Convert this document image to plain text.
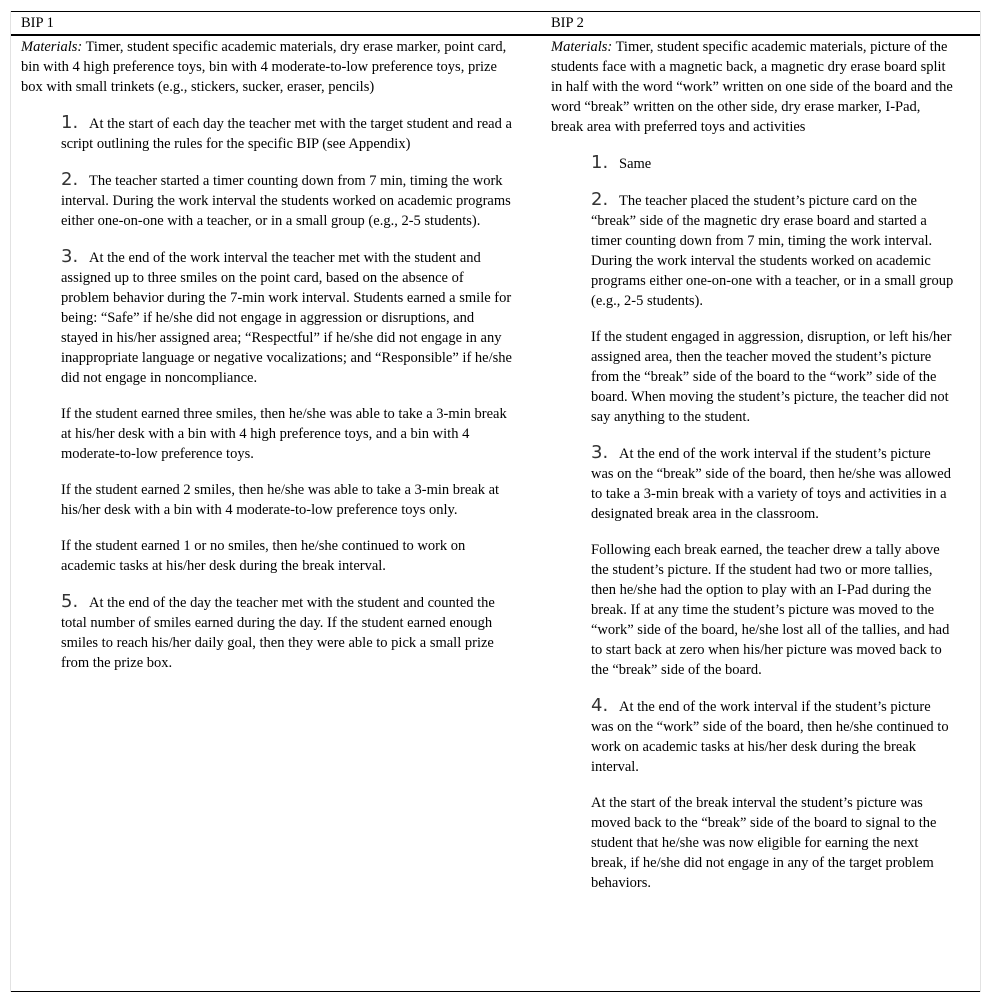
BIP 1	BIP 2

Materials: Timer, student specific academic materials, dry erase marker, point card, bin with 4 high preference toys, bin with 4 moderate-to-low preference toys, prize box with small trinkets (e.g., stickers, sucker, eraser, pencils)

1. At the start of each day the teacher met with the target student and read a script outlining the rules for the specific BIP (see Appendix)

2. The teacher started a timer counting down from 7 min, timing the work interval. During the work interval the students worked on academic programs either one-on-one with a teacher, or in a small group (e.g., 2-5 students).

3. At the end of the work interval the teacher met with the student and assigned up to three smiles on the point card, based on the absence of problem behavior during the 7-min work interval. Students earned a smile for being: “Safe” if he/she did not engage in aggression or disruptions, and stayed in his/her assigned area; “Respectful” if he/she did not engage in any inappropriate language or negative vocalizations; and “Responsible” if he/she did not engage in noncompliance.

If the student earned three smiles, then he/she was able to take a 3-min break at his/her desk with a bin with 4 high preference toys, and a bin with 4 moderate-to-low preference toys.

If the student earned 2 smiles, then he/she was able to take a 3-min break at his/her desk with a bin with 4 moderate-to-low preference toys only.

If the student earned 1 or no smiles, then he/she continued to work on academic tasks at his/her desk during the break interval.

5. At the end of the day the teacher met with the student and counted the total number of smiles earned during the day. If the student earned enough smiles to reach his/her daily goal, then they were able to pick a small prize from the prize box.

Materials: Timer, student specific academic materials, picture of the students face with a magnetic back, a magnetic dry erase board split in half with the word “work” written on one side of the board and the word “break” written on the other side, dry erase marker, I-Pad, break area with preferred toys and activities

1. Same

2. The teacher placed the student’s picture card on the “break” side of the magnetic dry erase board and started a timer counting down from 7 min, timing the work interval. During the work interval the students worked on academic programs either one-on-one with a teacher, or in a small group (e.g., 2-5 students).

If the student engaged in aggression, disruption, or left his/her assigned area, then the teacher moved the student’s picture from the “break” side of the board to the “work” side of the board. When moving the student’s picture, the teacher did not say anything to the student.

3. At the end of the work interval if the student’s picture was on the “break” side of the board, then he/she was allowed to take a 3-min break with a variety of toys and activities in a designated break area in the classroom.

Following each break earned, the teacher drew a tally above the student’s picture. If the student had two or more tallies, then he/she had the option to play with an I-Pad during the break. If at any time the student’s picture was moved to the “work” side of the board, he/she lost all of the tallies, and had to start back at zero when his/her picture was moved back to the “break” side of the board.

4. At the end of the work interval if the student’s picture was on the “work” side of the board, then he/she continued to work on academic tasks at his/her desk during the break interval.

At the start of the break interval the student’s picture was moved back to the “break” side of the board to signal to the student that he/she was now eligible for earning the next break, if he/she did not engage in any of the target problem behaviors.
